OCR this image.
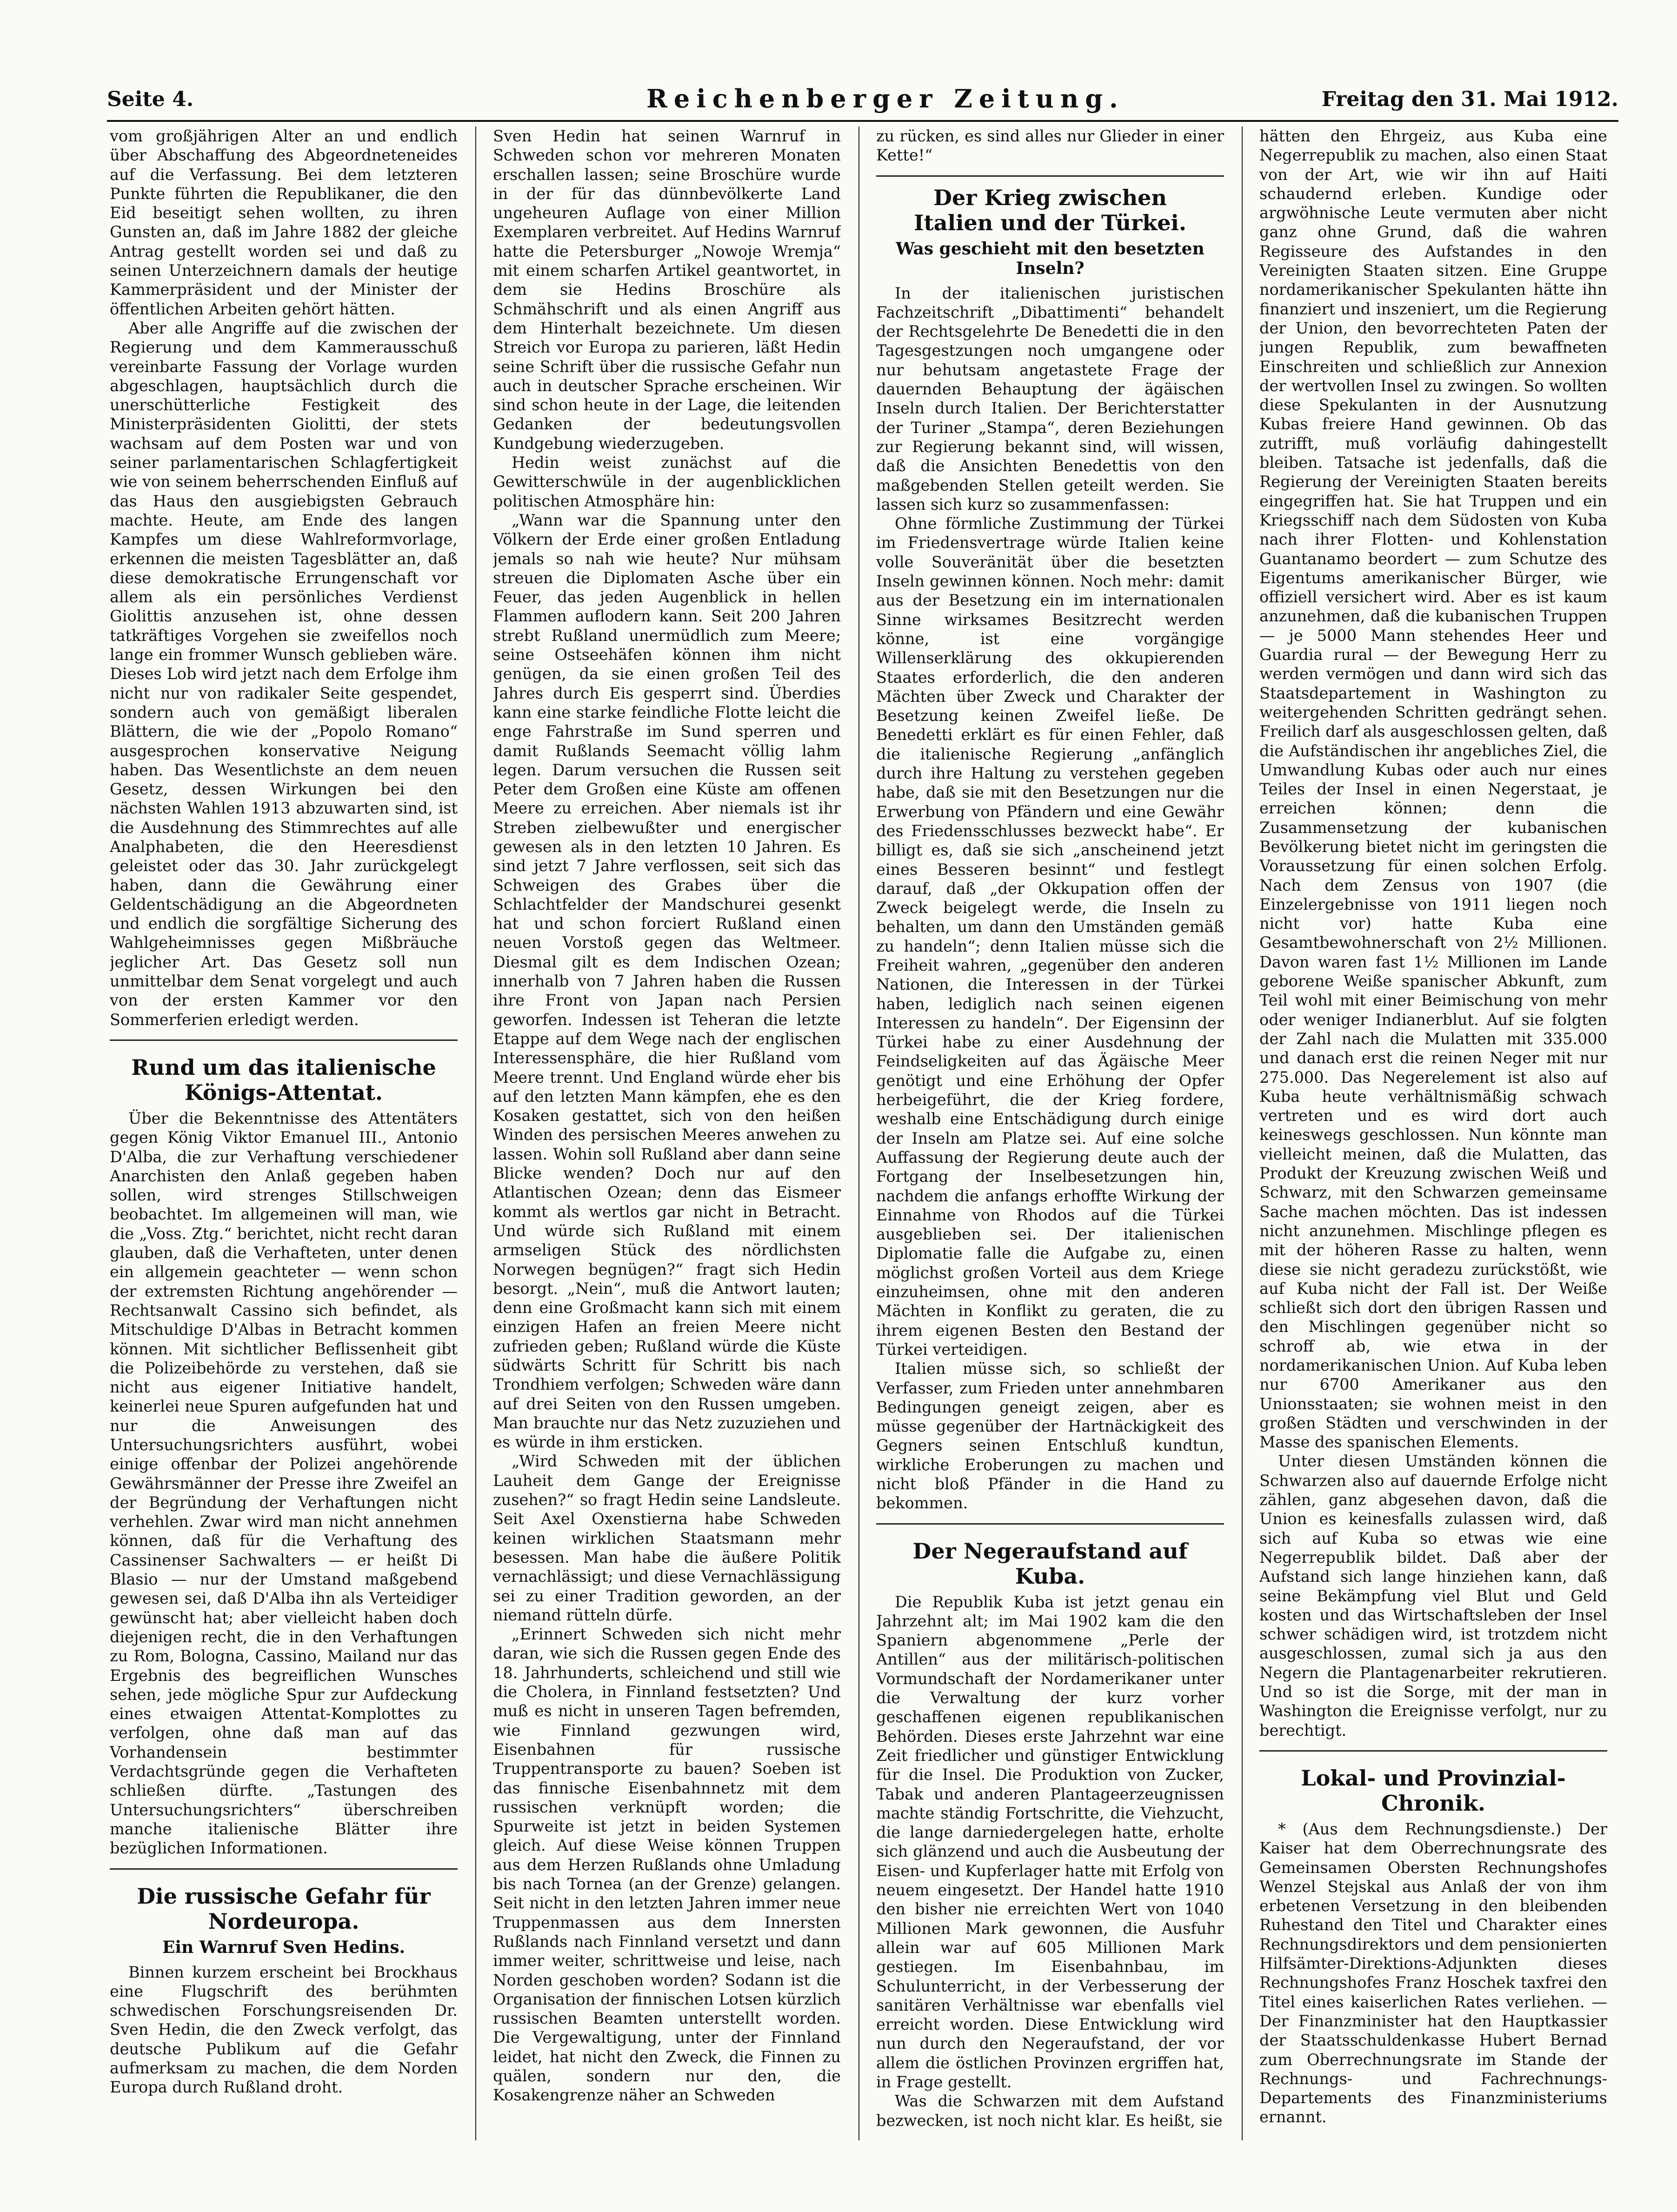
Seite 4.	Reichenberger Zeitung.	Freitag den 31. Mai 1912.

vom großjährigen Alter an und endlich über Abschaffung des Abgeordneteneides auf die Verfassung. Bei dem letzteren Punkte führten die Republikaner, die den Eid beseitigt sehen wollten, zu ihren Gunsten an, daß im Jahre 1882 der gleiche Antrag gestellt worden sei und daß zu seinen Unterzeichnern damals der heutige Kammerpräsident und der Minister der öffentlichen Arbeiten gehört hätten.

Aber alle Angriffe auf die zwischen der Regierung und dem Kammerausschuß vereinbarte Fassung der Vorlage wurden abgeschlagen, hauptsächlich durch die unerschütterliche Festigkeit des Ministerpräsidenten Giolitti, der stets wachsam auf dem Posten war und von seiner parlamentarischen Schlagfertigkeit wie von seinem beherrschenden Einfluß auf das Haus den ausgiebigsten Gebrauch machte. Heute, am Ende des langen Kampfes um diese Wahlreformvorlage, erkennen die meisten Tagesblätter an, daß diese demokratische Errungenschaft vor allem als ein persönliches Verdienst Giolittis anzusehen ist, ohne dessen tatkräftiges Vorgehen sie zweifellos noch lange ein frommer Wunsch geblieben wäre. Dieses Lob wird jetzt nach dem Erfolge ihm nicht nur von radikaler Seite gespendet, sondern auch von gemäßigt liberalen Blättern, die wie der „Popolo Romano“ ausgesprochen konservative Neigung haben. Das Wesentlichste an dem neuen Gesetz, dessen Wirkungen bei den nächsten Wahlen 1913 abzuwarten sind, ist die Ausdehnung des Stimmrechtes auf alle Analphabeten, die den Heeresdienst geleistet oder das 30. Jahr zurückgelegt haben, dann die Gewährung einer Geldentschädigung an die Abgeordneten und endlich die sorgfältige Sicherung des Wahlgeheimnisses gegen Mißbräuche jeglicher Art. Das Gesetz soll nun unmittelbar dem Senat vorgelegt und auch von der ersten Kammer vor den Sommerferien erledigt werden.

Rund um das italienische Königs-Attentat.

Über die Bekenntnisse des Attentäters gegen König Viktor Emanuel III., Antonio D'Alba, die zur Verhaftung verschiedener Anarchisten den Anlaß gegeben haben sollen, wird strenges Stillschweigen beobachtet. Im allgemeinen will man, wie die „Voss. Ztg.“ berichtet, nicht recht daran glauben, daß die Verhafteten, unter denen ein allgemein geachteter — wenn schon der extremsten Richtung angehörender — Rechtsanwalt Cassino sich befindet, als Mitschuldige D'Albas in Betracht kommen können. Mit sichtlicher Beflissenheit gibt die Polizeibehörde zu verstehen, daß sie nicht aus eigener Initiative handelt, keinerlei neue Spuren aufgefunden hat und nur die Anweisungen des Untersuchungsrichters ausführt, wobei einige offenbar der Polizei angehörende Gewährsmänner der Presse ihre Zweifel an der Begründung der Verhaftungen nicht verhehlen. Zwar wird man nicht annehmen können, daß für die Verhaftung des Cassinenser Sachwalters — er heißt Di Blasio — nur der Umstand maßgebend gewesen sei, daß D'Alba ihn als Verteidiger gewünscht hat; aber vielleicht haben doch diejenigen recht, die in den Verhaftungen zu Rom, Bologna, Cassino, Mailand nur das Ergebnis des begreiflichen Wunsches sehen, jede mögliche Spur zur Aufdeckung eines etwaigen Attentat-Komplottes zu verfolgen, ohne daß man auf das Vorhandensein bestimmter Verdachtsgründe gegen die Verhafteten schließen dürfte. „Tastungen des Untersuchungsrichters“ überschreiben manche italienische Blätter ihre bezüglichen Informationen.

Die russische Gefahr für Nordeuropa.
Ein Warnruf Sven Hedins.

Binnen kurzem erscheint bei Brockhaus eine Flugschrift des berühmten schwedischen Forschungsreisenden Dr. Sven Hedin, die den Zweck verfolgt, das deutsche Publikum auf die Gefahr aufmerksam zu machen, die dem Norden Europa durch Rußland droht.

Sven Hedin hat seinen Warnruf in Schweden schon vor mehreren Monaten erschallen lassen; seine Broschüre wurde in der für das dünnbevölkerte Land ungeheuren Auflage von einer Million Exemplaren verbreitet. Auf Hedins Warnruf hatte die Petersburger „Nowoje Wremja“ mit einem scharfen Artikel geantwortet, in dem sie Hedins Broschüre als Schmähschrift und als einen Angriff aus dem Hinterhalt bezeichnete. Um diesen Streich vor Europa zu parieren, läßt Hedin seine Schrift über die russische Gefahr nun auch in deutscher Sprache erscheinen. Wir sind schon heute in der Lage, die leitenden Gedanken der bedeutungsvollen Kundgebung wiederzugeben.

Hedin weist zunächst auf die Gewitterschwüle in der augenblicklichen politischen Atmosphäre hin:

„Wann war die Spannung unter den Völkern der Erde einer großen Entladung jemals so nah wie heute? Nur mühsam streuen die Diplomaten Asche über ein Feuer, das jeden Augenblick in hellen Flammen auflodern kann. Seit 200 Jahren strebt Rußland unermüdlich zum Meere; seine Ostseehäfen können ihm nicht genügen, da sie einen großen Teil des Jahres durch Eis gesperrt sind. Überdies kann eine starke feindliche Flotte leicht die enge Fahrstraße im Sund sperren und damit Rußlands Seemacht völlig lahm legen. Darum versuchen die Russen seit Peter dem Großen eine Küste am offenen Meere zu erreichen. Aber niemals ist ihr Streben zielbewußter und energischer gewesen als in den letzten 10 Jahren. Es sind jetzt 7 Jahre verflossen, seit sich das Schweigen des Grabes über die Schlachtfelder der Mandschurei gesenkt hat und schon forciert Rußland einen neuen Vorstoß gegen das Weltmeer. Diesmal gilt es dem Indischen Ozean; innerhalb von 7 Jahren haben die Russen ihre Front von Japan nach Persien geworfen. Indessen ist Teheran die letzte Etappe auf dem Wege nach der englischen Interessensphäre, die hier Rußland vom Meere trennt. Und England würde eher bis auf den letzten Mann kämpfen, ehe es den Kosaken gestattet, sich von den heißen Winden des persischen Meeres anwehen zu lassen. Wohin soll Rußland aber dann seine Blicke wenden? Doch nur auf den Atlantischen Ozean; denn das Eismeer kommt als wertlos gar nicht in Betracht. Und würde sich Rußland mit einem armseligen Stück des nördlichsten Norwegen begnügen?“ fragt sich Hedin besorgt. „Nein“, muß die Antwort lauten; denn eine Großmacht kann sich mit einem einzigen Hafen an freien Meere nicht zufrieden geben; Rußland würde die Küste südwärts Schritt für Schritt bis nach Trondhiem verfolgen; Schweden wäre dann auf drei Seiten von den Russen umgeben. Man brauchte nur das Netz zuzuziehen und es würde in ihm ersticken.

„Wird Schweden mit der üblichen Lauheit dem Gange der Ereignisse zusehen?“ so fragt Hedin seine Landsleute. Seit Axel Oxenstierna habe Schweden keinen wirklichen Staatsmann mehr besessen. Man habe die äußere Politik vernachlässigt; und diese Vernachlässigung sei zu einer Tradition geworden, an der niemand rütteln dürfe.

„Erinnert Schweden sich nicht mehr daran, wie sich die Russen gegen Ende des 18. Jahrhunderts, schleichend und still wie die Cholera, in Finnland festsetzten? Und muß es nicht in unseren Tagen befremden, wie Finnland gezwungen wird, Eisenbahnen für russische Truppentransporte zu bauen? Soeben ist das finnische Eisenbahnnetz mit dem russischen verknüpft worden; die Spurweite ist jetzt in beiden Systemen gleich. Auf diese Weise können Truppen aus dem Herzen Rußlands ohne Umladung bis nach Tornea (an der Grenze) gelangen. Seit nicht in den letzten Jahren immer neue Truppenmassen aus dem Innersten Rußlands nach Finnland versetzt und dann immer weiter, schrittweise und leise, nach Norden geschoben worden? Sodann ist die Organisation der finnischen Lotsen kürzlich russischen Beamten unterstellt worden. Die Vergewaltigung, unter der Finnland leidet, hat nicht den Zweck, die Finnen zu quälen, sondern nur den, die Kosakengrenze näher an Schweden

zu rücken, es sind alles nur Glieder in einer Kette!“

Der Krieg zwischen
Italien und der Türkei.
Was geschieht mit den besetzten Inseln?

In der italienischen juristischen Fachzeitschrift „Dibattimenti“ behandelt der Rechtsgelehrte De Benedetti die in den Tagesgestzungen noch umgangene oder nur behutsam angetastete Frage der dauernden Behauptung der ägäischen Inseln durch Italien. Der Berichterstatter der Turiner „Stampa“, deren Beziehungen zur Regierung bekannt sind, will wissen, daß die Ansichten Benedettis von den maßgebenden Stellen geteilt werden. Sie lassen sich kurz so zusammenfassen:

Ohne förmliche Zustimmung der Türkei im Friedensvertrage würde Italien keine volle Souveränität über die besetzten Inseln gewinnen können. Noch mehr: damit aus der Besetzung ein im internationalen Sinne wirksames Besitzrecht werden könne, ist eine vorgängige Willenserklärung des okkupierenden Staates erforderlich, die den anderen Mächten über Zweck und Charakter der Besetzung keinen Zweifel ließe. De Benedetti erklärt es für einen Fehler, daß die italienische Regierung „anfänglich durch ihre Haltung zu verstehen gegeben habe, daß sie mit den Besetzungen nur die Erwerbung von Pfändern und eine Gewähr des Friedensschlusses bezweckt habe“. Er billigt es, daß sie sich „anscheinend jetzt eines Besseren besinnt“ und festlegt darauf, daß „der Okkupation offen der Zweck beigelegt werde, die Inseln zu behalten, um dann den Umständen gemäß zu handeln“; denn Italien müsse sich die Freiheit wahren, „gegenüber den anderen Nationen, die Interessen in der Türkei haben, lediglich nach seinen eigenen Interessen zu handeln“. Der Eigensinn der Türkei habe zu einer Ausdehnung der Feindseligkeiten auf das Ägäische Meer genötigt und eine Erhöhung der Opfer herbeigeführt, die der Krieg fordere, weshalb eine Entschädigung durch einige der Inseln am Platze sei. Auf eine solche Auffassung der Regierung deute auch der Fortgang der Inselbesetzungen hin, nachdem die anfangs erhoffte Wirkung der Einnahme von Rhodos auf die Türkei ausgeblieben sei. Der italienischen Diplomatie falle die Aufgabe zu, einen möglichst großen Vorteil aus dem Kriege einzuheimsen, ohne mit den anderen Mächten in Konflikt zu geraten, die zu ihrem eigenen Besten den Bestand der Türkei verteidigen.

Italien müsse sich, so schließt der Verfasser, zum Frieden unter annehmbaren Bedingungen geneigt zeigen, aber es müsse gegenüber der Hartnäckigkeit des Gegners seinen Entschluß kundtun, wirkliche Eroberungen zu machen und nicht bloß Pfänder in die Hand zu bekommen.

Der Negeraufstand auf Kuba.

Die Republik Kuba ist jetzt genau ein Jahrzehnt alt; im Mai 1902 kam die den Spaniern abgenommene „Perle der Antillen“ aus der militärisch-politischen Vormundschaft der Nordamerikaner unter die Verwaltung der kurz vorher geschaffenen eigenen republikanischen Behörden. Dieses erste Jahrzehnt war eine Zeit friedlicher und günstiger Entwicklung für die Insel. Die Produktion von Zucker, Tabak und anderen Plantageerzeugnissen machte ständig Fortschritte, die Viehzucht, die lange darniedergelegen hatte, erholte sich glänzend und auch die Ausbeutung der Eisen- und Kupferlager hatte mit Erfolg von neuem eingesetzt. Der Handel hatte 1910 den bisher nie erreichten Wert von 1040 Millionen Mark gewonnen, die Ausfuhr allein war auf 605 Millionen Mark gestiegen. Im Eisenbahnbau, im Schulunterricht, in der Verbesserung der sanitären Verhältnisse war ebenfalls viel erreicht worden. Diese Entwicklung wird nun durch den Negeraufstand, der vor allem die östlichen Provinzen ergriffen hat, in Frage gestellt.

Was die Schwarzen mit dem Aufstand bezwecken, ist noch nicht klar. Es heißt, sie

hätten den Ehrgeiz, aus Kuba eine Negerrepublik zu machen, also einen Staat von der Art, wie wir ihn auf Haiti schaudernd erleben. Kundige oder argwöhnische Leute vermuten aber nicht ganz ohne Grund, daß die wahren Regisseure des Aufstandes in den Vereinigten Staaten sitzen. Eine Gruppe nordamerikanischer Spekulanten hätte ihn finanziert und inszeniert, um die Regierung der Union, den bevorrechteten Paten der jungen Republik, zum bewaffneten Einschreiten und schließlich zur Annexion der wertvollen Insel zu zwingen. So wollten diese Spekulanten in der Ausnutzung Kubas freiere Hand gewinnen. Ob das zutrifft, muß vorläufig dahingestellt bleiben. Tatsache ist jedenfalls, daß die Regierung der Vereinigten Staaten bereits eingegriffen hat. Sie hat Truppen und ein Kriegsschiff nach dem Südosten von Kuba nach ihrer Flotten- und Kohlenstation Guantanamo beordert — zum Schutze des Eigentums amerikanischer Bürger, wie offiziell versichert wird. Aber es ist kaum anzunehmen, daß die kubanischen Truppen — je 5000 Mann stehendes Heer und Guardia rural — der Bewegung Herr zu werden vermögen und dann wird sich das Staatsdepartement in Washington zu weitergehenden Schritten gedrängt sehen. Freilich darf als ausgeschlossen gelten, daß die Aufständischen ihr angebliches Ziel, die Umwandlung Kubas oder auch nur eines Teiles der Insel in einen Negerstaat, je erreichen können; denn die Zusammensetzung der kubanischen Bevölkerung bietet nicht im geringsten die Voraussetzung für einen solchen Erfolg. Nach dem Zensus von 1907 (die Einzelergebnisse von 1911 liegen noch nicht vor) hatte Kuba eine Gesamtbewohnerschaft von 2½ Millionen. Davon waren fast 1½ Millionen im Lande geborene Weiße spanischer Abkunft, zum Teil wohl mit einer Beimischung von mehr oder weniger Indianerblut. Auf sie folgten der Zahl nach die Mulatten mit 335.000 und danach erst die reinen Neger mit nur 275.000. Das Negerelement ist also auf Kuba heute verhältnismäßig schwach vertreten und es wird dort auch keineswegs geschlossen. Nun könnte man vielleicht meinen, daß die Mulatten, das Produkt der Kreuzung zwischen Weiß und Schwarz, mit den Schwarzen gemeinsame Sache machen möchten. Das ist indessen nicht anzunehmen. Mischlinge pflegen es mit der höheren Rasse zu halten, wenn diese sie nicht geradezu zurückstößt, wie auf Kuba nicht der Fall ist. Der Weiße schließt sich dort den übrigen Rassen und den Mischlingen gegenüber nicht so schroff ab, wie etwa in der nordamerikanischen Union. Auf Kuba leben nur 6700 Amerikaner aus den Unionsstaaten; sie wohnen meist in den großen Städten und verschwinden in der Masse des spanischen Elements.

Unter diesen Umständen können die Schwarzen also auf dauernde Erfolge nicht zählen, ganz abgesehen davon, daß die Union es keinesfalls zulassen wird, daß sich auf Kuba so etwas wie eine Negerrepublik bildet. Daß aber der Aufstand sich lange hinziehen kann, daß seine Bekämpfung viel Blut und Geld kosten und das Wirtschaftsleben der Insel schwer schädigen wird, ist trotzdem nicht ausgeschlossen, zumal sich ja aus den Negern die Plantagenarbeiter rekrutieren. Und so ist die Sorge, mit der man in Washington die Ereignisse verfolgt, nur zu berechtigt.

Lokal- und Provinzial-Chronik.

* (Aus dem Rechnungsdienste.) Der Kaiser hat dem Oberrechnungsrate des Gemeinsamen Obersten Rechnungshofes Wenzel Stejskal aus Anlaß der von ihm erbetenen Versetzung in den bleibenden Ruhestand den Titel und Charakter eines Rechnungsdirektors und dem pensionierten Hilfsämter-Direktions-Adjunkten dieses Rechnungshofes Franz Hoschek taxfrei den Titel eines kaiserlichen Rates verliehen. — Der Finanzminister hat den Hauptkassier der Staatsschuldenkasse Hubert Bernad zum Oberrechnungsrate im Stande der Rechnungs- und Fachrechnungs-Departements des Finanzministeriums ernannt.
